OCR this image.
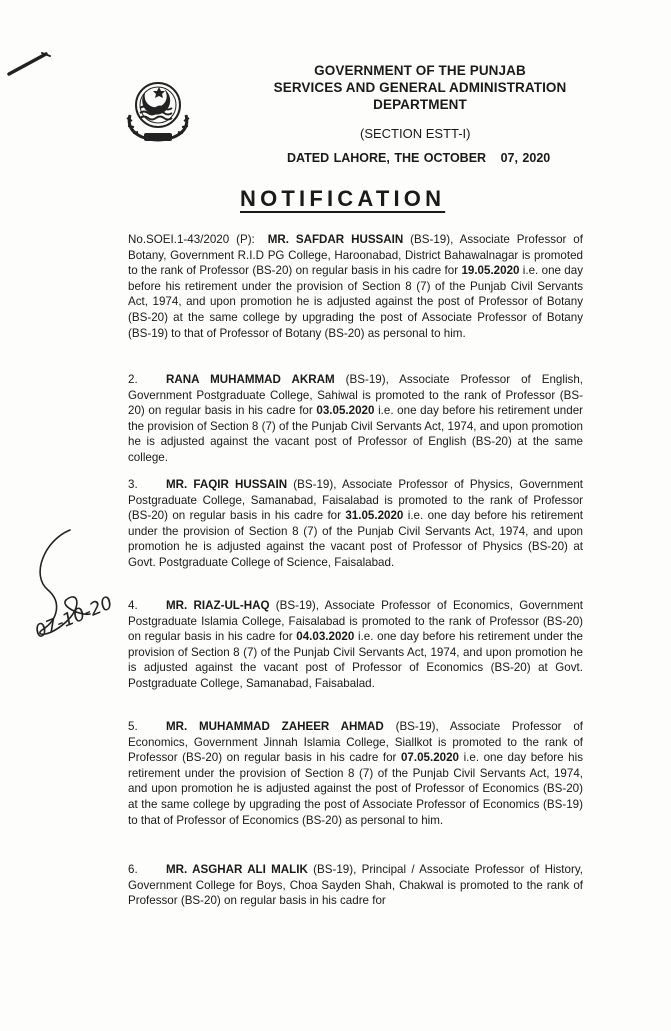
GOVERNMENT OF THE PUNJAB
SERVICES AND GENERAL ADMINISTRATION
DEPARTMENT
(SECTION ESTT-I)
DATED LAHORE, THE OCTOBER 07, 2020
NOTIFICATION
No.SOEI.1-43/2020 (P): MR. SAFDAR HUSSAIN (BS-19), Associate Professor of Botany, Government R.I.D PG College, Haroonabad, District Bahawalnagar is promoted to the rank of Professor (BS-20) on regular basis in his cadre for 19.05.2020 i.e. one day before his retirement under the provision of Section 8 (7) of the Punjab Civil Servants Act, 1974, and upon promotion he is adjusted against the post of Professor of Botany (BS-20) at the same college by upgrading the post of Associate Professor of Botany (BS-19) to that of Professor of Botany (BS-20) as personal to him.
2. RANA MUHAMMAD AKRAM (BS-19), Associate Professor of English, Government Postgraduate College, Sahiwal is promoted to the rank of Professor (BS-20) on regular basis in his cadre for 03.05.2020 i.e. one day before his retirement under the provision of Section 8 (7) of the Punjab Civil Servants Act, 1974, and upon promotion he is adjusted against the vacant post of Professor of English (BS-20) at the same college.
3. MR. FAQIR HUSSAIN (BS-19), Associate Professor of Physics, Government Postgraduate College, Samanabad, Faisalabad is promoted to the rank of Professor (BS-20) on regular basis in his cadre for 31.05.2020 i.e. one day before his retirement under the provision of Section 8 (7) of the Punjab Civil Servants Act, 1974, and upon promotion he is adjusted against the vacant post of Professor of Physics (BS-20) at Govt. Postgraduate College of Science, Faisalabad.
4. MR. RIAZ-UL-HAQ (BS-19), Associate Professor of Economics, Government Postgraduate Islamia College, Faisalabad is promoted to the rank of Professor (BS-20) on regular basis in his cadre for 04.03.2020 i.e. one day before his retirement under the provision of Section 8 (7) of the Punjab Civil Servants Act, 1974, and upon promotion he is adjusted against the vacant post of Professor of Economics (BS-20) at Govt. Postgraduate College, Samanabad, Faisabalad.
5. MR. MUHAMMAD ZAHEER AHMAD (BS-19), Associate Professor of Economics, Government Jinnah Islamia College, Siallkot is promoted to the rank of Professor (BS-20) on regular basis in his cadre for 07.05.2020 i.e. one day before his retirement under the provision of Section 8 (7) of the Punjab Civil Servants Act, 1974, and upon promotion he is adjusted against the post of Professor of Economics (BS-20) at the same college by upgrading the post of Associate Professor of Economics (BS-19) to that of Professor of Economics (BS-20) as personal to him.
6. MR. ASGHAR ALI MALIK (BS-19), Principal / Associate Professor of History, Government College for Boys, Choa Sayden Shah, Chakwal is promoted to the rank of Professor (BS-20) on regular basis in his cadre for
07-10-20
